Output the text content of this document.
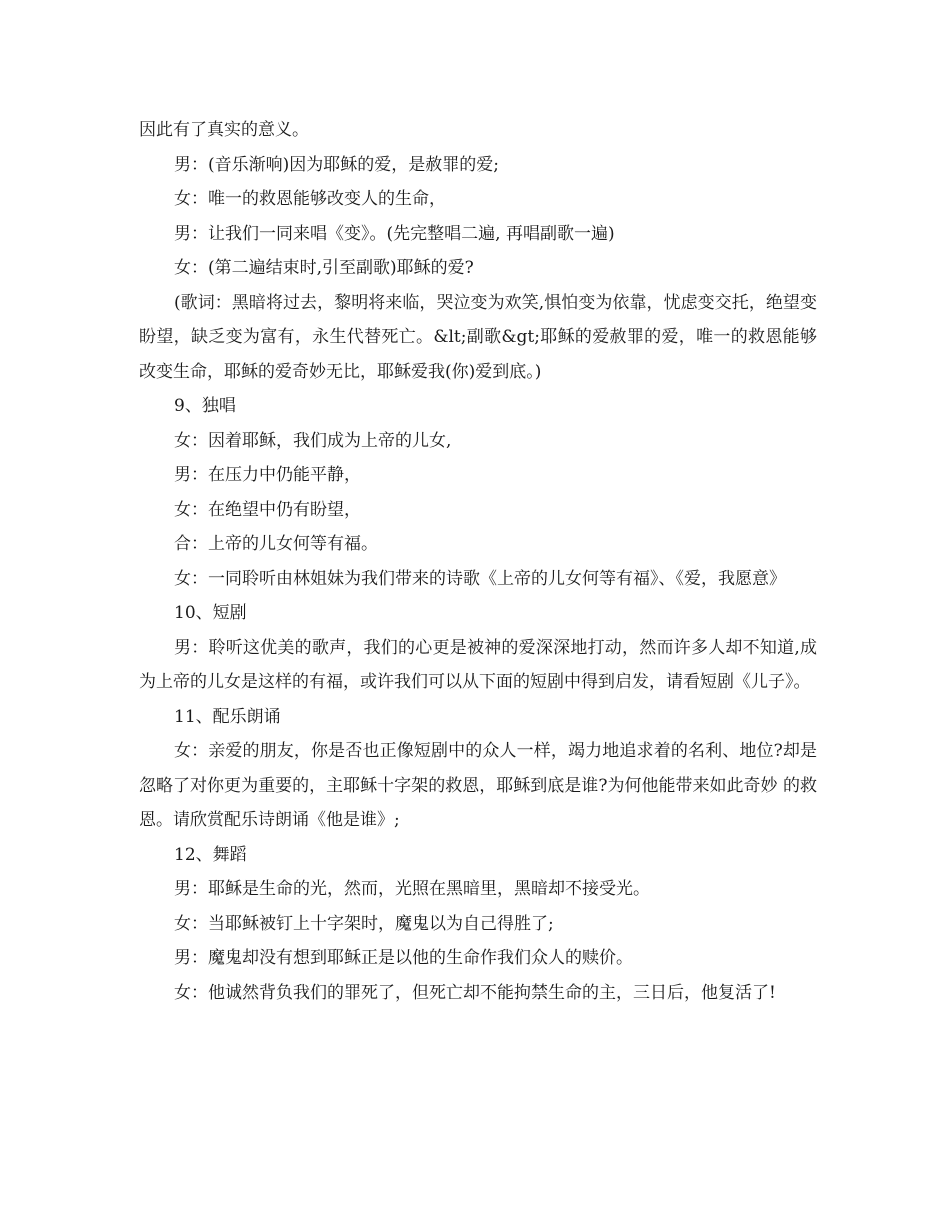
因此有了真实的意义。

男：(音乐渐响)因为耶稣的爱，是赦罪的爱;

女：唯一的救恩能够改变人的生命，

男：让我们一同来唱《变》。(先完整唱二遍, 再唱副歌一遍)

女：(第二遍结束时,引至副歌)耶稣的爱?

(歌词：黑暗将过去，黎明将来临，哭泣变为欢笑,惧怕变为依靠，忧虑变交托，绝望变盼望，缺乏变为富有，永生代替死亡。&lt;副歌&gt;耶稣的爱赦罪的爱，唯一的救恩能够改变生命，耶稣的爱奇妙无比，耶稣爱我(你)爱到底。)

9、独唱

女：因着耶稣，我们成为上帝的儿女,

男：在压力中仍能平静，

女：在绝望中仍有盼望，

合：上帝的儿女何等有福。

女：一同聆听由林姐妹为我们带来的诗歌《上帝的儿女何等有福》、《爱，我愿意》

10、短剧

男：聆听这优美的歌声，我们的心更是被神的爱深深地打动，然而许多人却不知道,成为上帝的儿女是这样的有福，或许我们可以从下面的短剧中得到启发，请看短剧《儿子》。

11、配乐朗诵

女：亲爱的朋友，你是否也正像短剧中的众人一样，竭力地追求着的名利、地位?却是忽略了对你更为重要的，主耶稣十字架的救恩，耶稣到底是谁?为何他能带来如此奇妙 的救恩。请欣赏配乐诗朗诵《他是谁》;

12、舞蹈

男：耶稣是生命的光，然而，光照在黑暗里，黑暗却不接受光。

女：当耶稣被钉上十字架时，魔鬼以为自己得胜了;

男：魔鬼却没有想到耶稣正是以他的生命作我们众人的赎价。

女：他诚然背负我们的罪死了，但死亡却不能拘禁生命的主，三日后，他复活了!
